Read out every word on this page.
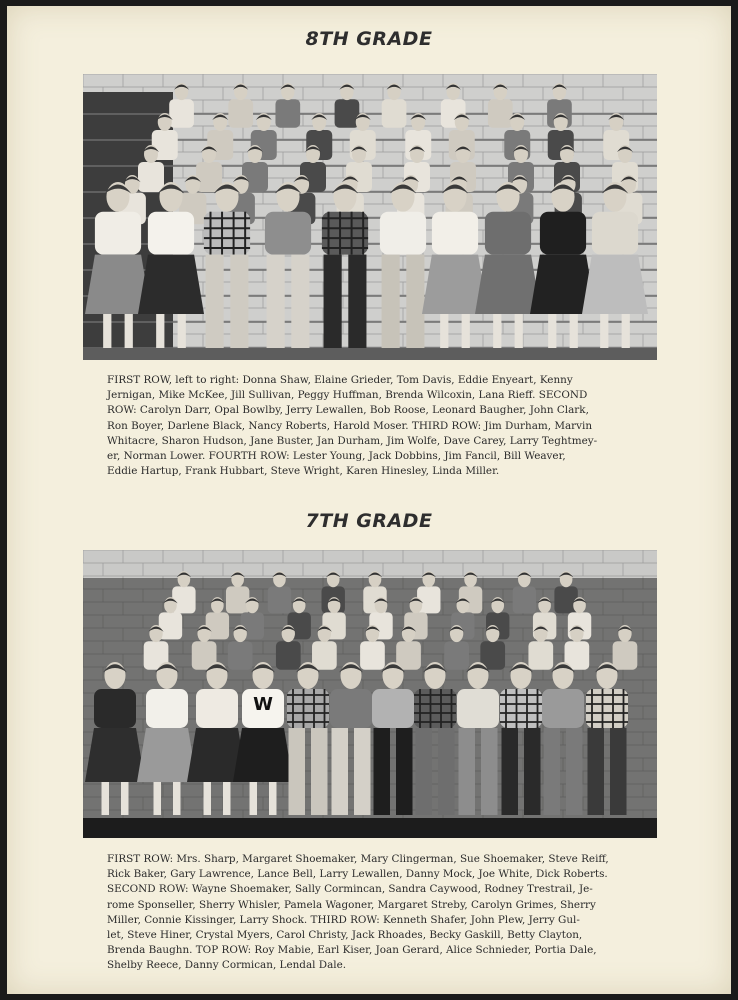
8TH GRADE
FIRST ROW, left to right: Donna Shaw, Elaine Grieder, Tom Davis, Eddie Enyeart, Kenny
Jernigan, Mike McKee, Jill Sullivan, Peggy Huffman, Brenda Wilcoxin, Lana Rieff. SECOND
ROW: Carolyn Darr, Opal Bowlby, Jerry Lewallen, Bob Roose, Leonard Baugher, John Clark,
Ron Boyer, Darlene Black, Nancy Roberts, Harold Moser. THIRD ROW: Jim Durham, Marvin
Whitacre, Sharon Hudson, Jane Buster, Jan Durham, Jim Wolfe, Dave Carey, Larry Teghtmey-
er, Norman Lower. FOURTH ROW: Lester Young, Jack Dobbins, Jim Fancil, Bill Weaver,
Eddie Hartup, Frank Hubbart, Steve Wright, Karen Hinesley, Linda Miller.
7TH GRADE
W
FIRST ROW: Mrs. Sharp, Margaret Shoemaker, Mary Clingerman, Sue Shoemaker, Steve Reiff,
Rick Baker, Gary Lawrence, Lance Bell, Larry Lewallen, Danny Mock, Joe White, Dick Roberts.
SECOND ROW: Wayne Shoemaker, Sally Cormincan, Sandra Caywood, Rodney Trestrail, Je-
rome Sponseller, Sherry Whisler, Pamela Wagoner, Margaret Streby, Carolyn Grimes, Sherry
Miller, Connie Kissinger, Larry Shock. THIRD ROW: Kenneth Shafer, John Plew, Jerry Gul-
let, Steve Hiner, Crystal Myers, Carol Christy, Jack Rhoades, Becky Gaskill, Betty Clayton,
Brenda Baughn. TOP ROW: Roy Mabie, Earl Kiser, Joan Gerard, Alice Schnieder, Portia Dale,
Shelby Reece, Danny Cormican, Lendal Dale.
